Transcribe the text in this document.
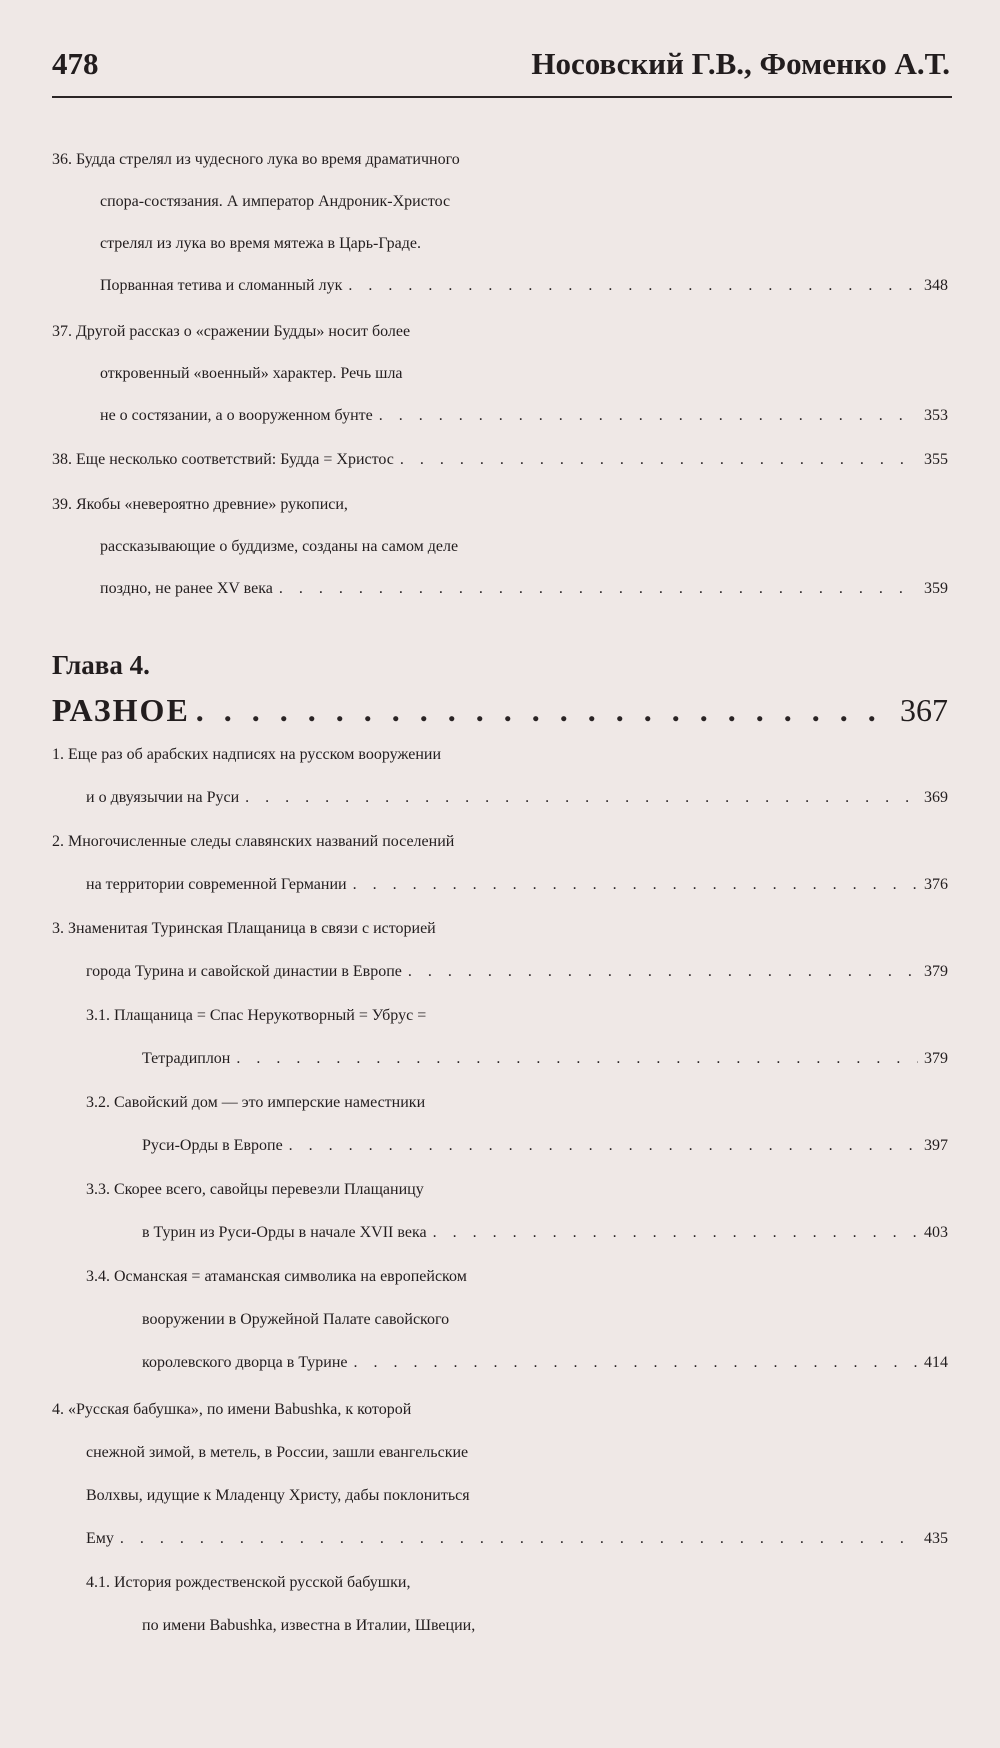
478	Носовский Г.В., Фоменко А.Т.
36. Будда стрелял из чудесного лука во время драматичного
спора-состязания. А император Андроник-Христос
стрелял из лука во время мятежа в Царь-Граде.
Порванная тетива и сломанный лук . . .	348
37. Другой рассказ о «сражении Будды» носит более
откровенный «военный» характер. Речь шла
не о состязании, а о вооруженном бунте . . .	353
38. Еще несколько соответствий: Будда = Христос . . .	355
39. Якобы «невероятно древние» рукописи,
рассказывающие о буддизме, созданы на самом деле
поздно, не ранее XV века . . .	359
Глава 4.
РАЗНОЕ . . .	367
1. Еще раз об арабских надписях на русском вооружении
и о двуязычии на Руси . . .	369
2. Многочисленные следы славянских названий поселений
на территории современной Германии . . .	376
3. Знаменитая Туринская Плащаница в связи с историей
города Турина и савойской династии в Европе . . .	379
3.1. Плащаница = Спас Нерукотворный = Убрус =
Тетрадиплон . . .	379
3.2. Савойский дом — это имперские наместники
Руси-Орды в Европе . . .	397
3.3. Скорее всего, савойцы перевезли Плащаницу
в Турин из Руси-Орды в начале XVII века . . .	403
3.4. Османская = атаманская символика на европейском
вооружении в Оружейной Палате савойского
королевского дворца в Турине . . .	414
4. «Русская бабушка», по имени Babushka, к которой
снежной зимой, в метель, в России, зашли евангельские
Волхвы, идущие к Младенцу Христу, дабы поклониться
Ему . . .	435
4.1. История рождественской русской бабушки,
по имени Babushka, известна в Италии, Швеции,
